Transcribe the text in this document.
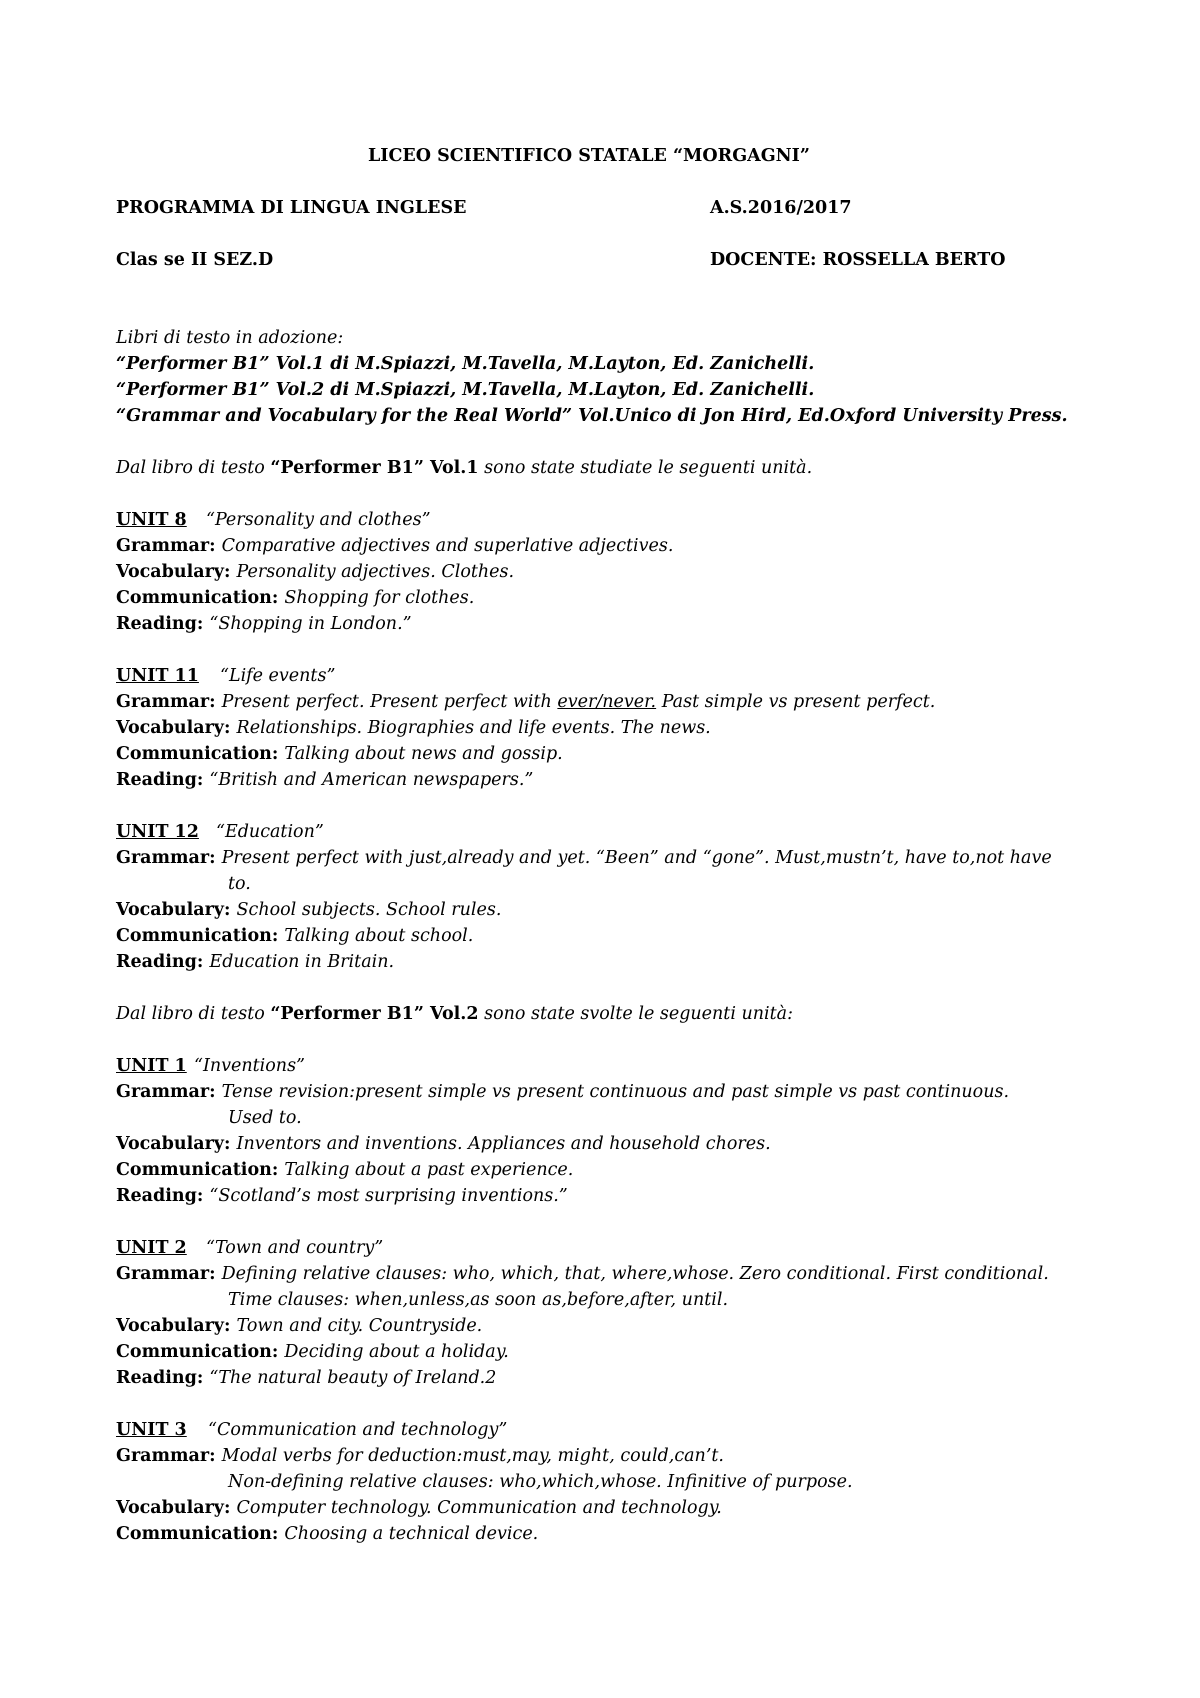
LICEO SCIENTIFICO STATALE “MORGAGNI”
PROGRAMMA DI LINGUA INGLESE	A.S.2016/2017
Clas se II SEZ.D	DOCENTE: ROSSELLA BERTO
Libri di testo in adozione:
“Performer B1” Vol.1 di M.Spiazzi, M.Tavella, M.Layton, Ed. Zanichelli.
“Performer B1” Vol.2 di M.Spiazzi, M.Tavella, M.Layton, Ed. Zanichelli.
“Grammar and Vocabulary for the Real World” Vol.Unico di Jon Hird, Ed.Oxford University Press.
Dal libro di testo “Performer B1” Vol.1 sono state studiate le seguenti unità.
UNIT 8 “Personality and clothes”
Grammar: Comparative adjectives and superlative adjectives.
Vocabulary: Personality adjectives. Clothes.
Communication: Shopping for clothes.
Reading: “Shopping in London.”
UNIT 11“Life events”
Grammar: Present perfect. Present perfect with ever/never. Past simple vs present perfect.
Vocabulary: Relationships. Biographies and life events. The news.
Communication: Talking about news and gossip.
Reading: “British and American newspapers.”
UNIT 12“Education”
Grammar: Present perfect with just,already and yet. “Been” and “gone”. Must,mustn’t, have to,not have
to.
Vocabulary: School subjects. School rules.
Communication: Talking about school.
Reading: Education in Britain.
Dal libro di testo “Performer B1” Vol.2 sono state svolte le seguenti unità:
UNIT 1 “Inventions”
Grammar: Tense revision:present simple vs present continuous and past simple vs past continuous.
Used to.
Vocabulary: Inventors and inventions. Appliances and household chores.
Communication: Talking about a past experience.
Reading: “Scotland’s most surprising inventions.”
UNIT 2 “Town and country”
Grammar: Defining relative clauses: who, which, that, where,whose. Zero conditional. First conditional.
Time clauses: when,unless,as soon as,before,after, until.
Vocabulary: Town and city. Countryside.
Communication: Deciding about a holiday.
Reading: “The natural beauty of Ireland.2
UNIT 3 “Communication and technology”
Grammar: Modal verbs for deduction:must,may, might, could,can’t.
Non-defining relative clauses: who,which,whose. Infinitive of purpose.
Vocabulary: Computer technology. Communication and technology.
Communication: Choosing a technical device.
